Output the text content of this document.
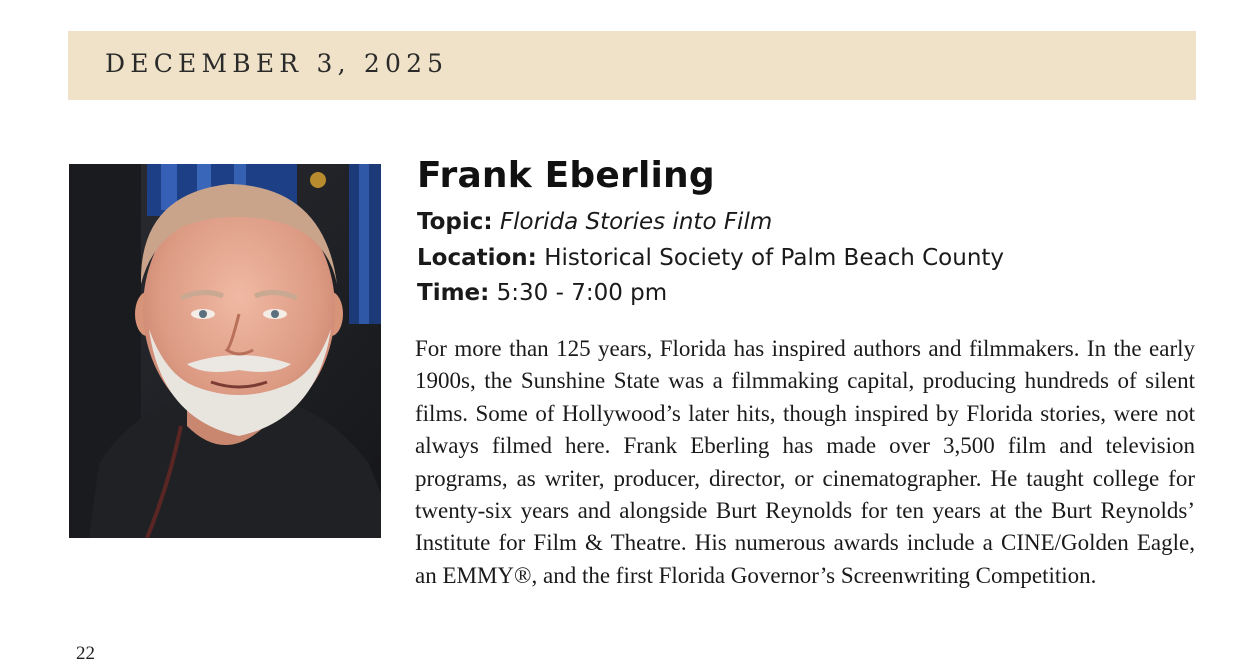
DECEMBER 3, 2025
Frank Eberling
Topic: Florida Stories into Film
Location: Historical Society of Palm Beach County
Time: 5:30 - 7:00 pm

For more than 125 years, Florida has inspired authors and filmmakers. In the early 1900s, the Sunshine State was a filmmaking capital, producing hundreds of silent films. Some of Hollywood’s later hits, though inspired by Florida stories, were not always filmed here. Frank Eberling has made over 3,500 film and television programs, as writer, producer, director, or cinematographer. He taught college for twenty-six years and alongside Burt Reynolds for ten years at the Burt Reynolds’ Institute for Film & Theatre. His numerous awards include a CINE/Golden Eagle, an EMMY®, and the first Florida Governor’s Screenwriting Competition.

22
